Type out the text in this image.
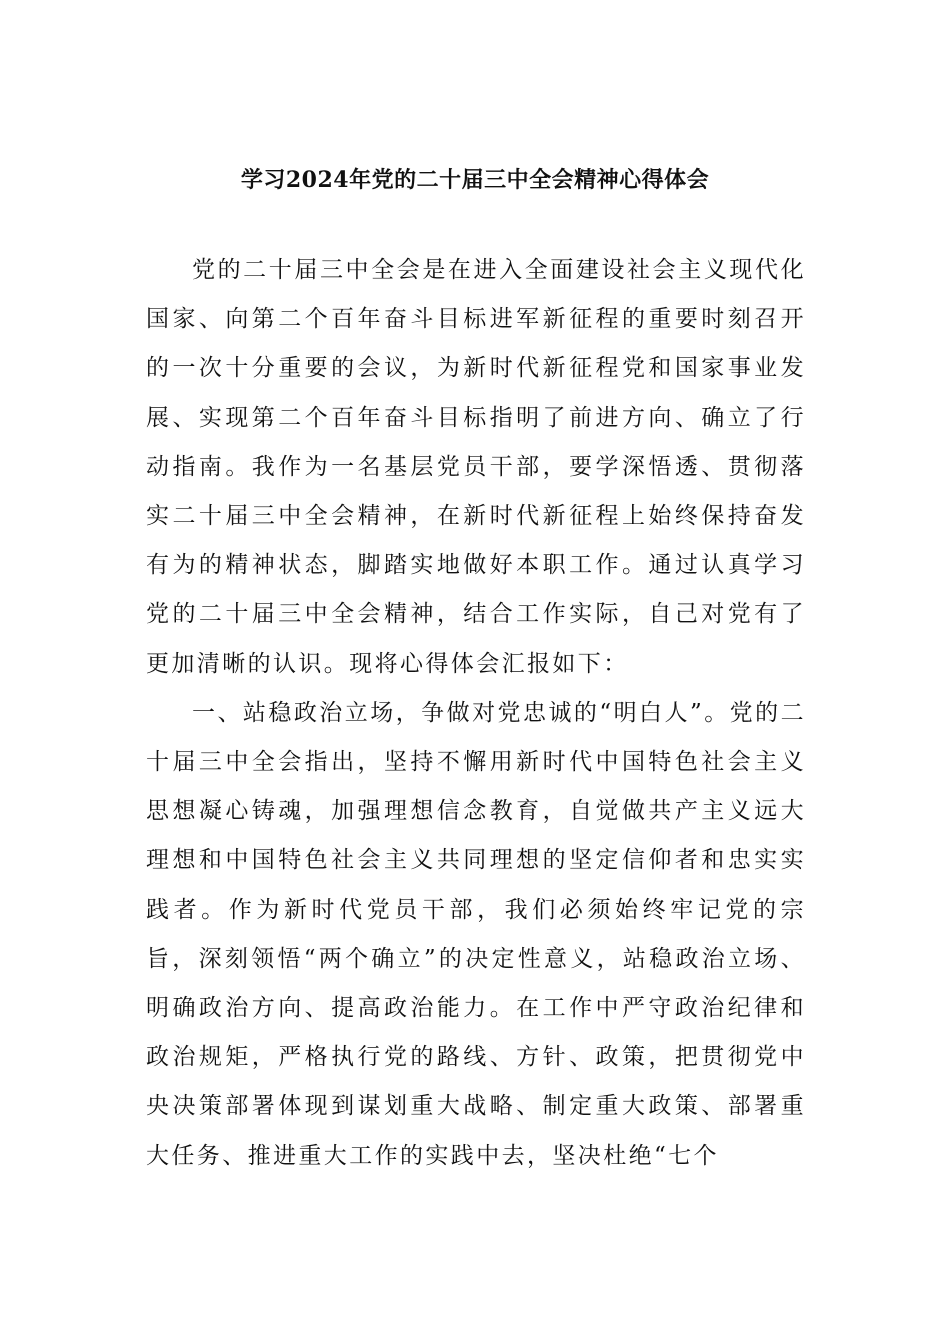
学习2024年党的二十届三中全会精神心得体会

党的二十届三中全会是在进入全面建设社会主义现代化国家、向第二个百年奋斗目标进军新征程的重要时刻召开的一次十分重要的会议，为新时代新征程党和国家事业发展、实现第二个百年奋斗目标指明了前进方向、确立了行动指南。我作为一名基层党员干部，要学深悟透、贯彻落实二十届三中全会精神，在新时代新征程上始终保持奋发有为的精神状态，脚踏实地做好本职工作。通过认真学习党的二十届三中全会精神，结合工作实际，自己对党有了更加清晰的认识。现将心得体会汇报如下：

一、站稳政治立场，争做对党忠诚的“明白人”。党的二十届三中全会指出，坚持不懈用新时代中国特色社会主义思想凝心铸魂，加强理想信念教育，自觉做共产主义远大理想和中国特色社会主义共同理想的坚定信仰者和忠实实践者。作为新时代党员干部，我们必须始终牢记党的宗旨，深刻领悟“两个确立”的决定性意义，站稳政治立场、明确政治方向、提高政治能力。在工作中严守政治纪律和政治规矩，严格执行党的路线、方针、政策，把贯彻党中央决策部署体现到谋划重大战略、制定重大政策、部署重大任务、推进重大工作的实践中去，坚决杜绝“七个
